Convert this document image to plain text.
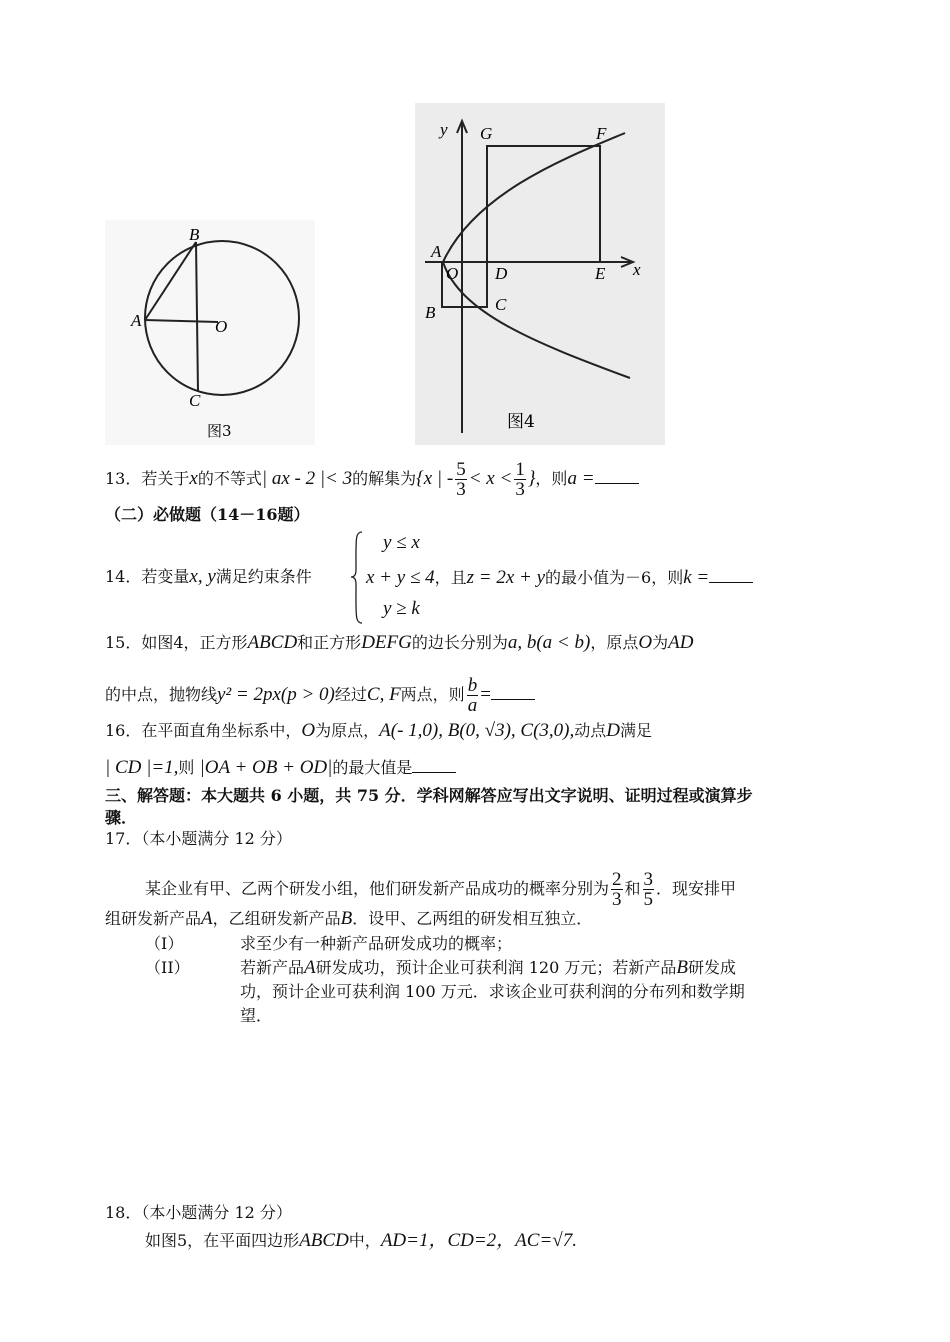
B
A	O
C
图3
y G	F
A
O D	E x
B	C
图4
13．若关于x的不等式| ax - 2 |< 3的解集为{x | - $\frac{5}{3} < x < \frac{1}{3}$ }，则a =
（二）必做题（14－16题）
14．若变量x, y满足约束条件
y ≤ x
x + y ≤ 4，且z = 2x + y的最小值为－6，则k =
y ≥ k
15．如图4，正方形ABCD和正方形DEFG的边长分别为a, b(a < b)，原点O为AD
的中点，抛物线y² = 2px(p > 0)经过C, F两点，则 $\frac{b}{a}$ =
16．在平面直角坐标系中，O为原点，A(- 1,0), B(0, √3), C(3,0),动点D满足
| CD |=1,则 |OA + OB + OD|的最大值是
三、解答题：本大题共 6 小题，共 75 分．学科网解答应写出文字说明、证明过程或演算步
骤．
17．（本小题满分 12 分）
某企业有甲、乙两个研发小组，他们研发新产品成功的概率分别为 $\frac{2}{3}$ 和 $\frac{3}{5}$ ．现安排甲
组研发新产品A，乙组研发新产品B．设甲、乙两组的研发相互独立．
（I）	求至少有一种新产品研发成功的概率；
（II）	若新产品A研发成功，预计企业可获利润 120 万元；若新产品B研发成
功，预计企业可获利润 100 万元．求该企业可获利润的分布列和数学期
望．
18．（本小题满分 12 分）
如图5，在平面四边形ABCD中，AD=1，CD=2，AC=√7.
